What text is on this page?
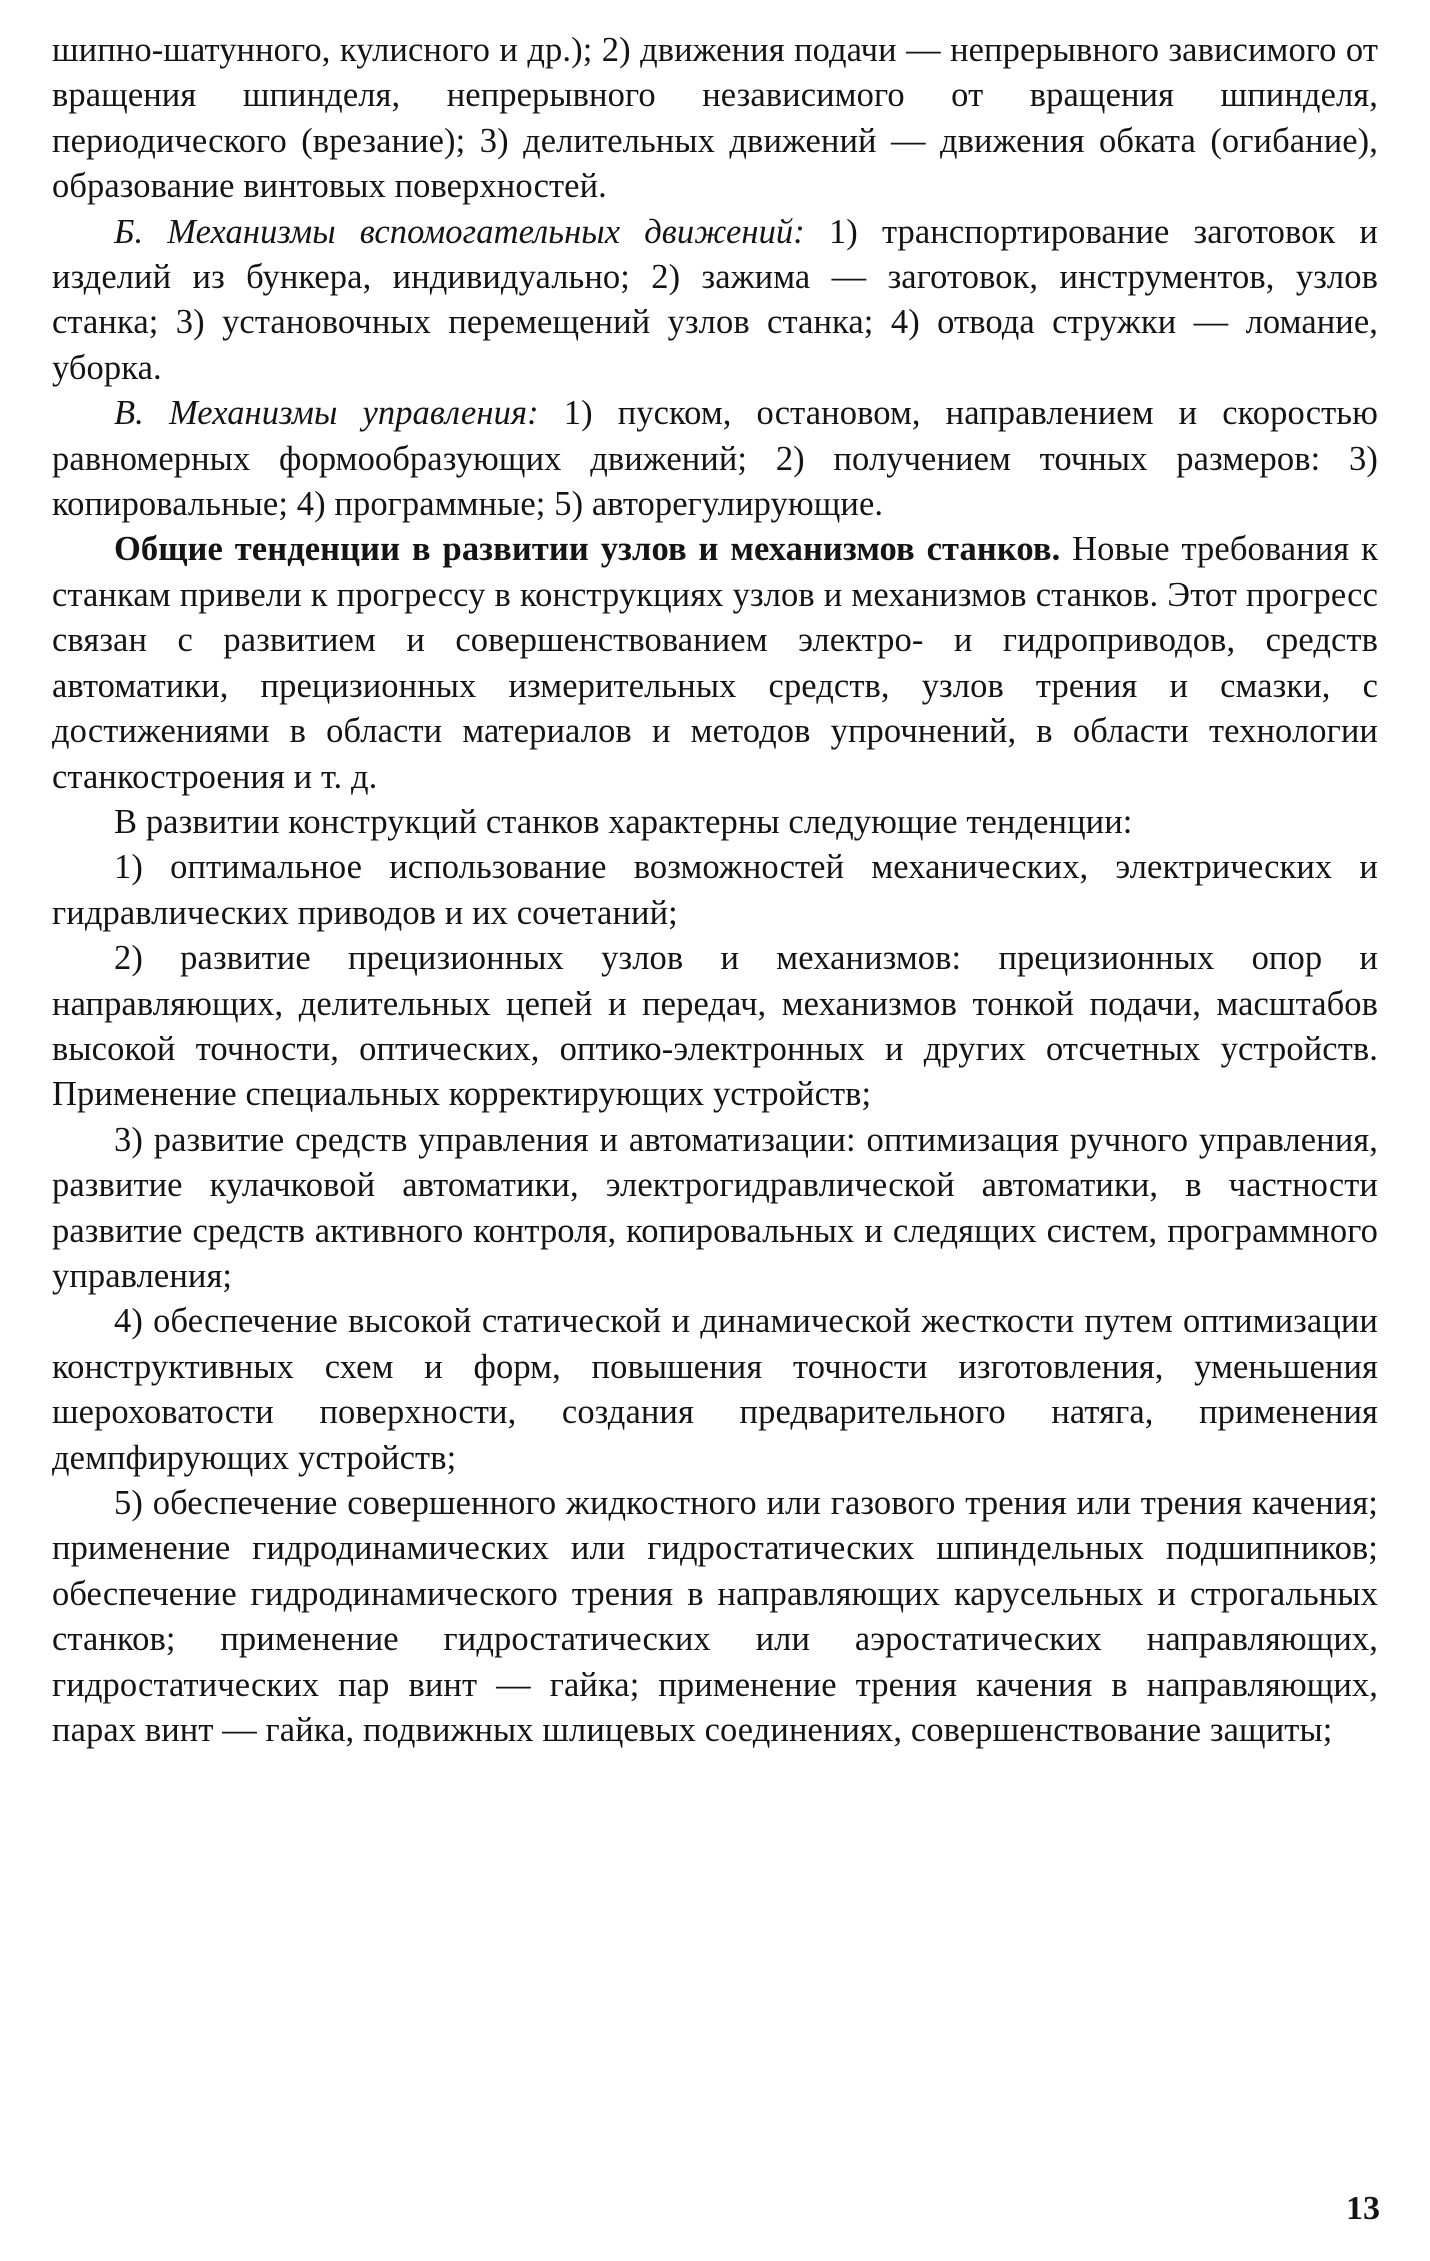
шипно-шатунного, кулисного и др.); 2) движения подачи — непрерывного зависимого от вращения шпинделя, непрерывного независимого от вращения шпинделя, периодического (врезание); 3) делительных движений — движения обката (огибание), образование винтовых поверхностей.

Б. Механизмы вспомогательных движений: 1) транспортирование заготовок и изделий из бункера, индивидуально; 2) зажима — заготовок, инструментов, узлов станка; 3) установочных перемещений узлов станка; 4) отвода стружки — ломание, уборка.

В. Механизмы управления: 1) пуском, остановом, направлением и скоростью равномерных формообразующих движений; 2) получением точных размеров: 3) копировальные; 4) программные; 5) авторегулирующие.

Общие тенденции в развитии узлов и механизмов станков. Новые требования к станкам привели к прогрессу в конструкциях узлов и механизмов станков. Этот прогресс связан с развитием и совершенствованием электро- и гидроприводов, средств автоматики, прецизионных измерительных средств, узлов трения и смазки, с достижениями в области материалов и методов упрочнений, в области технологии станкостроения и т. д.

В развитии конструкций станков характерны следующие тенденции:

1) оптимальное использование возможностей механических, электрических и гидравлических приводов и их сочетаний;

2) развитие прецизионных узлов и механизмов: прецизионных опор и направляющих, делительных цепей и передач, механизмов тонкой подачи, масштабов высокой точности, оптических, оптико-электронных и других отсчетных устройств. Применение специальных корректирующих устройств;

3) развитие средств управления и автоматизации: оптимизация ручного управления, развитие кулачковой автоматики, электрогидравлической автоматики, в частности развитие средств активного контроля, копировальных и следящих систем, программного управления;

4) обеспечение высокой статической и динамической жесткости путем оптимизации конструктивных схем и форм, повышения точности изготовления, уменьшения шероховатости поверхности, создания предварительного натяга, применения демпфирующих устройств;

5) обеспечение совершенного жидкостного или газового трения или трения качения; применение гидродинамических или гидростатических шпиндельных подшипников; обеспечение гидродинамического трения в направляющих карусельных и строгальных станков; применение гидростатических или аэростатических направляющих, гидростатических пар винт — гайка; применение трения качения в направляющих, парах винт — гайка, подвижных шлицевых соединениях, совершенствование защиты;

13
